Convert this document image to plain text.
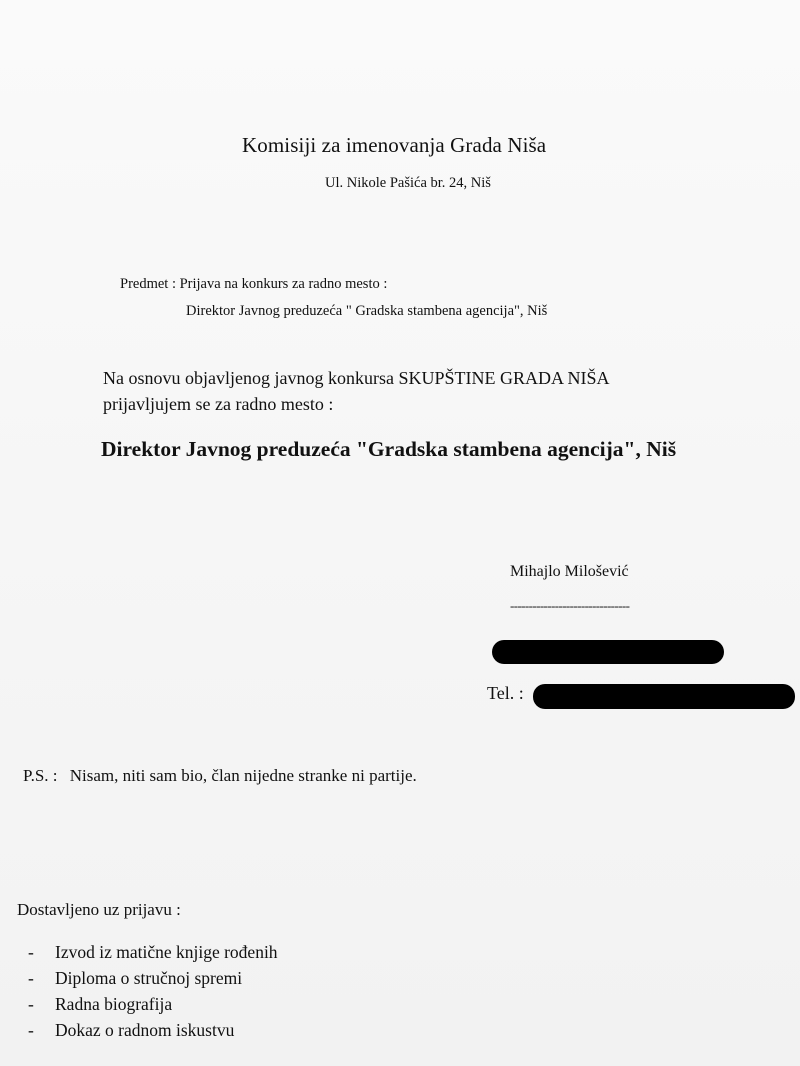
Komisiji za imenovanja Grada Niša
Ul. Nikole Pašića br. 24, Niš
Predmet : Prijava na konkurs za radno mesto :
Direktor Javnog preduzeća " Gradska stambena agencija", Niš
Na osnovu objavljenog javnog konkursa SKUPŠTINE GRADA NIŠA
prijavljujem se za radno mesto :
Direktor Javnog preduzeća "Gradska stambena agencija", Niš
Mihajlo Milošević
--------------------------------
Tel. :
P.S. : Nisam, niti sam bio, član nijedne stranke ni partije.
Dostavljeno uz prijavu :
- Izvod iz matične knjige rođenih
- Diploma o stručnoj spremi
- Radna biografija
- Dokaz o radnom iskustvu
